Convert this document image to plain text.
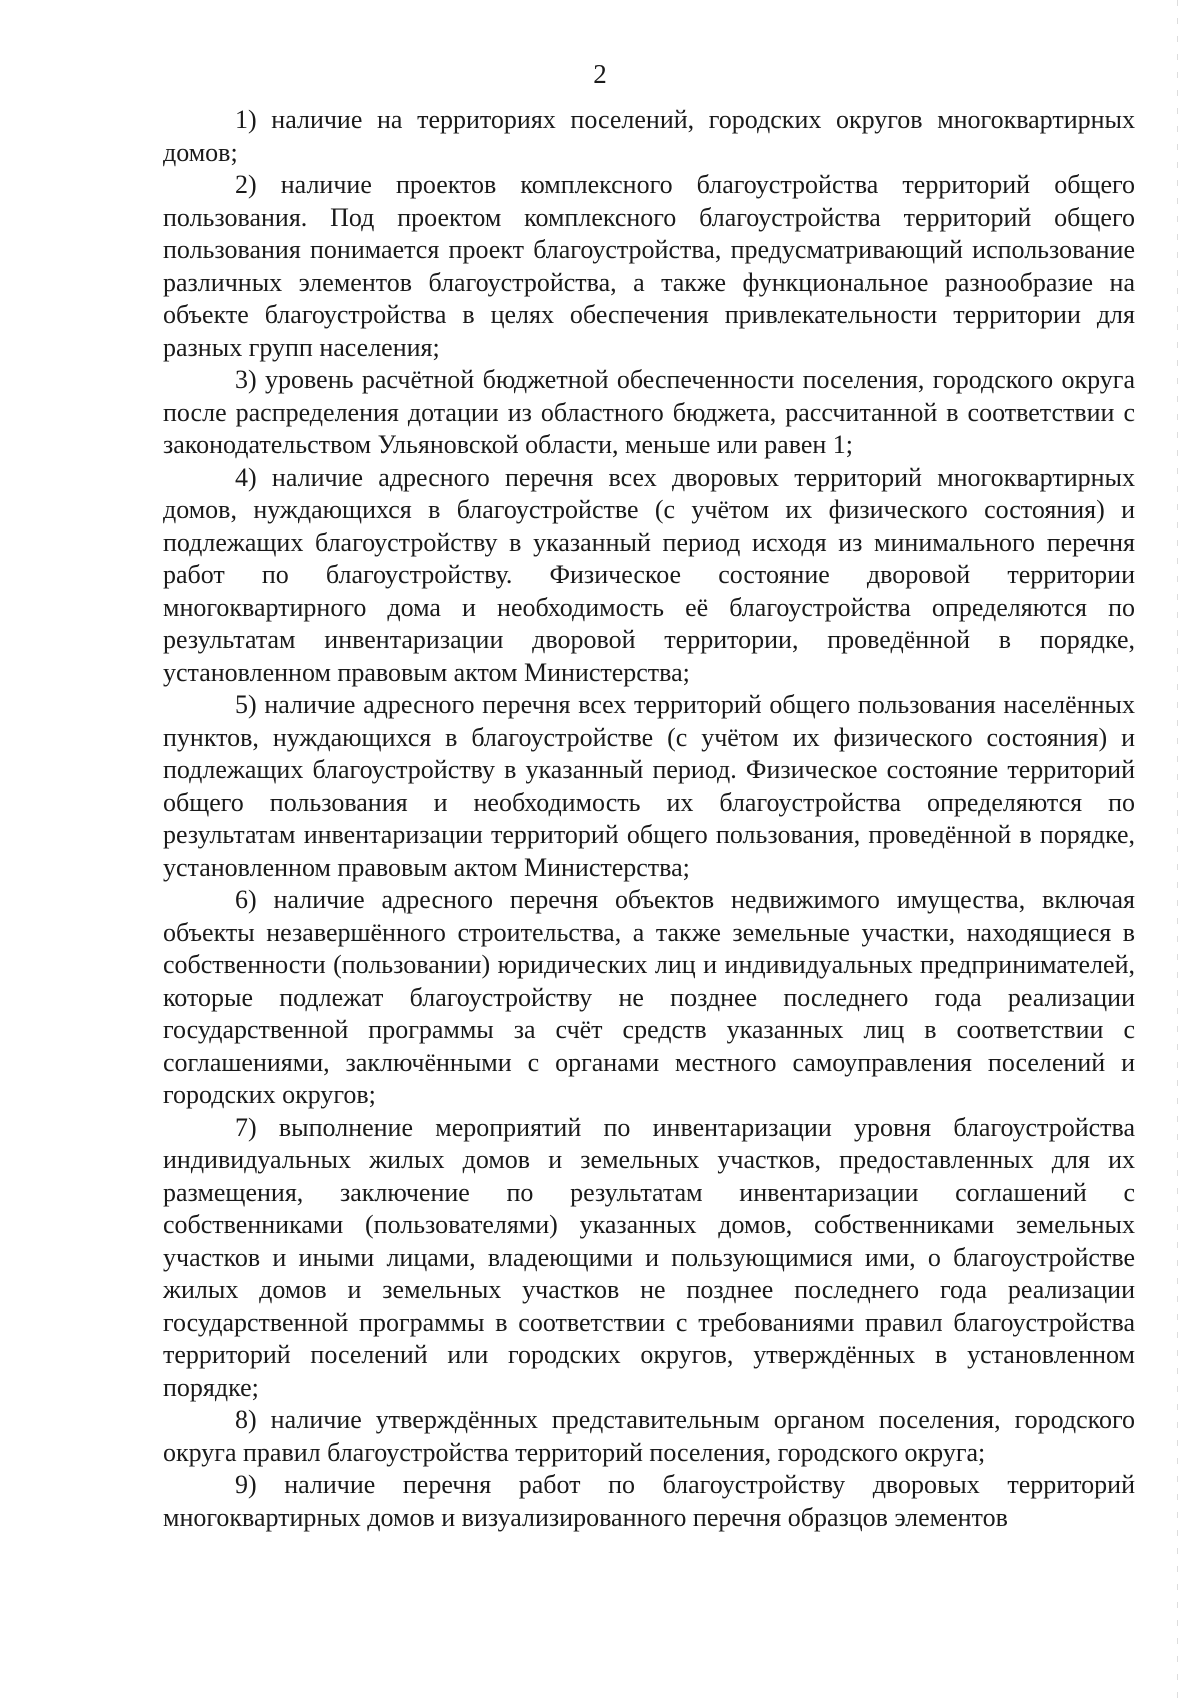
2

1) наличие на территориях поселений, городских округов многоквартирных домов;

2) наличие проектов комплексного благоустройства территорий общего пользования. Под проектом комплексного благоустройства территорий общего пользования понимается проект благоустройства, предусматривающий использование различных элементов благоустройства, а также функциональное разнообразие на объекте благоустройства в целях обеспечения привлекательности территории для разных групп населения;

3) уровень расчётной бюджетной обеспеченности поселения, городского округа после распределения дотации из областного бюджета, рассчитанной в соответствии с законодательством Ульяновской области, меньше или равен 1;

4) наличие адресного перечня всех дворовых территорий многоквартирных домов, нуждающихся в благоустройстве (с учётом их физического состояния) и подлежащих благоустройству в указанный период исходя из минимального перечня работ по благоустройству. Физическое состояние дворовой территории многоквартирного дома и необходимость её благоустройства определяются по результатам инвентаризации дворовой территории, проведённой в порядке, установленном правовым актом Министерства;

5) наличие адресного перечня всех территорий общего пользования населённых пунктов, нуждающихся в благоустройстве (с учётом их физического состояния) и подлежащих благоустройству в указанный период. Физическое состояние территорий общего пользования и необходимость их благоустройства определяются по результатам инвентаризации территорий общего пользования, проведённой в порядке, установленном правовым актом Министерства;

6) наличие адресного перечня объектов недвижимого имущества, включая объекты незавершённого строительства, а также земельные участки, находящиеся в собственности (пользовании) юридических лиц и индивидуальных предпринимателей, которые подлежат благоустройству не позднее последнего года реализации государственной программы за счёт средств указанных лиц в соответствии с соглашениями, заключёнными с органами местного самоуправления поселений и городских округов;

7) выполнение мероприятий по инвентаризации уровня благоустройства индивидуальных жилых домов и земельных участков, предоставленных для их размещения, заключение по результатам инвентаризации соглашений с собственниками (пользователями) указанных домов, собственниками земельных участков и иными лицами, владеющими и пользующимися ими, о благоустройстве жилых домов и земельных участков не позднее последнего года реализации государственной программы в соответствии с требованиями правил благоустройства территорий поселений или городских округов, утверждённых в установленном порядке;

8) наличие утверждённых представительным органом поселения, городского округа правил благоустройства территорий поселения, городского округа;

9) наличие перечня работ по благоустройству дворовых территорий многоквартирных домов и визуализированного перечня образцов элементов
